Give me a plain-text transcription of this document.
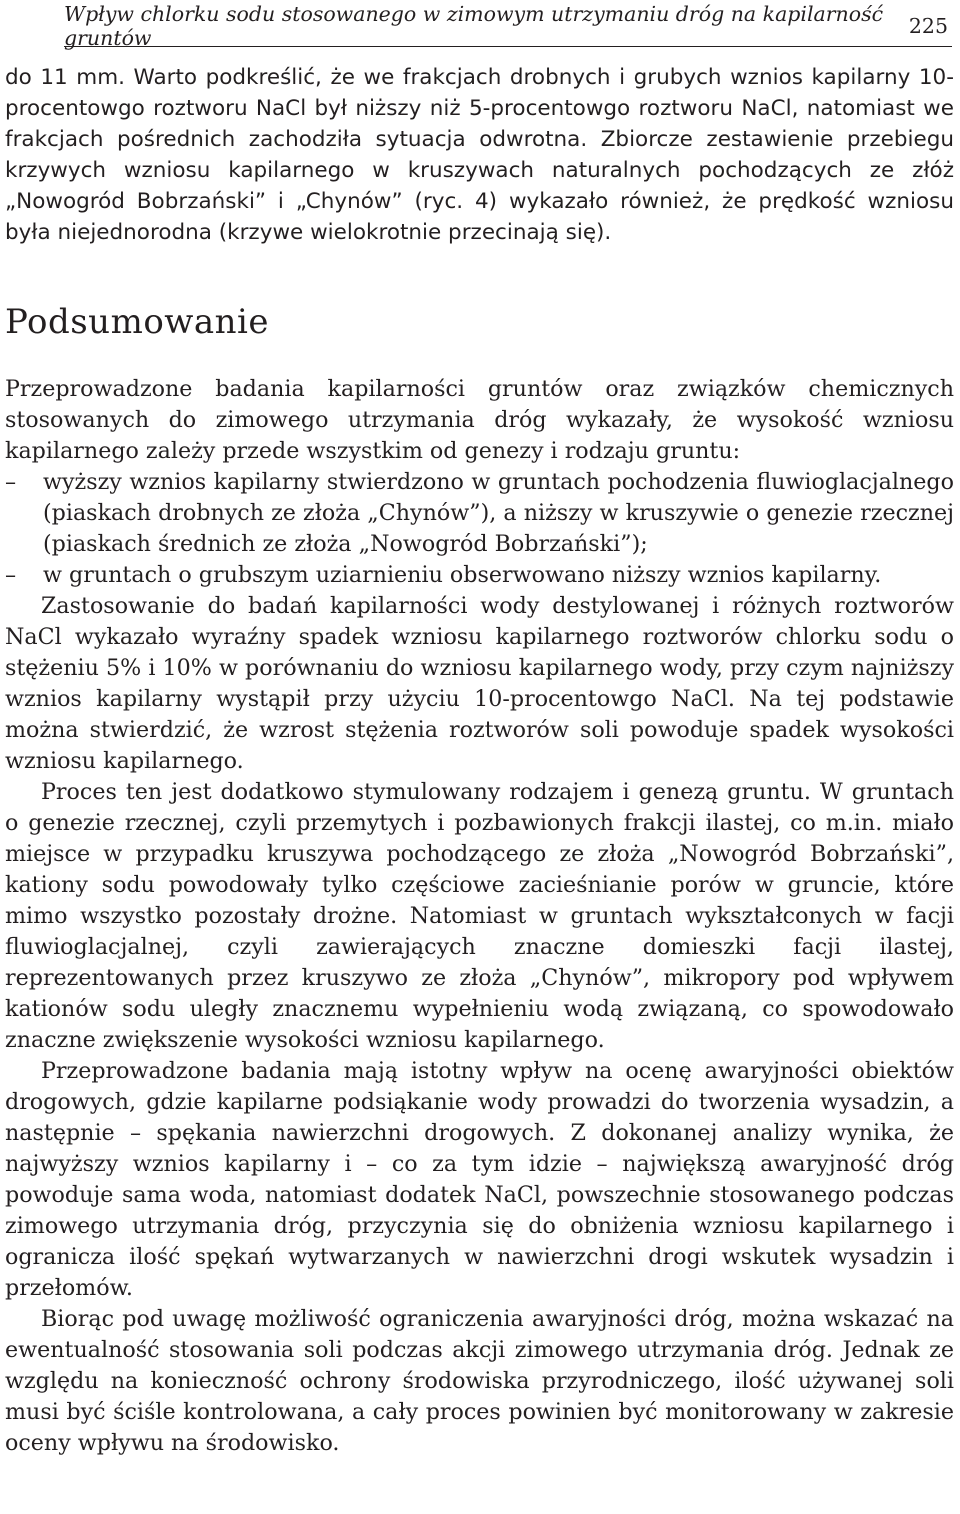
Wpływ chlorku sodu stosowanego w zimowym utrzymaniu dróg na kapilarność gruntów	225

do 11 mm. Warto podkreślić, że we frakcjach drobnych i grubych wznios kapilarny 10-procentowgo roztworu NaCl był niższy niż 5-procentowgo roztworu NaCl, natomiast we frakcjach pośrednich zachodziła sytuacja odwrotna. Zbiorcze zestawienie przebiegu krzywych wzniosu kapilarnego w kruszywach naturalnych pochodzących ze złóż „Nowogród Bobrzański” i „Chynów” (ryc. 4) wykazało również, że prędkość wzniosu była niejednorodna (krzywe wielokrotnie przecinają się).

Podsumowanie

Przeprowadzone badania kapilarności gruntów oraz związków chemicznych stosowanych do zimowego utrzymania dróg wykazały, że wysokość wzniosu kapilarnego zależy przede wszystkim od genezy i rodzaju gruntu:

– wyższy wznios kapilarny stwierdzono w gruntach pochodzenia fluwioglacjalnego (piaskach drobnych ze złoża „Chynów”), a niższy w kruszywie o genezie rzecznej (piaskach średnich ze złoża „Nowogród Bobrzański”);
– w gruntach o grubszym uziarnieniu obserwowano niższy wznios kapilarny.

Zastosowanie do badań kapilarności wody destylowanej i różnych roztworów NaCl wykazało wyraźny spadek wzniosu kapilarnego roztworów chlorku sodu o stężeniu 5% i 10% w porównaniu do wzniosu kapilarnego wody, przy czym najniższy wznios kapilarny wystąpił przy użyciu 10-procentowgo NaCl. Na tej podstawie można stwierdzić, że wzrost stężenia roztworów soli powoduje spadek wysokości wzniosu kapilarnego.

Proces ten jest dodatkowo stymulowany rodzajem i genezą gruntu. W gruntach o genezie rzecznej, czyli przemytych i pozbawionych frakcji ilastej, co m.in. miało miejsce w przypadku kruszywa pochodzącego ze złoża „Nowogród Bobrzański”, kationy sodu powodowały tylko częściowe zacieśnianie porów w gruncie, które mimo wszystko pozostały drożne. Natomiast w gruntach wykształconych w facji fluwioglacjalnej, czyli zawierających znaczne domieszki facji ilastej, reprezentowanych przez kruszywo ze złoża „Chynów”, mikropory pod wpływem kationów sodu uległy znacznemu wypełnieniu wodą związaną, co spowodowało znaczne zwiększenie wysokości wzniosu kapilarnego.

Przeprowadzone badania mają istotny wpływ na ocenę awaryjności obiektów drogowych, gdzie kapilarne podsiąkanie wody prowadzi do tworzenia wysadzin, a następnie – spękania nawierzchni drogowych. Z dokonanej analizy wynika, że najwyższy wznios kapilarny i – co za tym idzie – największą awaryjność dróg powoduje sama woda, natomiast dodatek NaCl, powszechnie stosowanego podczas zimowego utrzymania dróg, przyczynia się do obniżenia wzniosu kapilarnego i ogranicza ilość spękań wytwarzanych w nawierzchni drogi wskutek wysadzin i przełomów.

Biorąc pod uwagę możliwość ograniczenia awaryjności dróg, można wskazać na ewentualność stosowania soli podczas akcji zimowego utrzymania dróg. Jednak ze względu na konieczność ochrony środowiska przyrodniczego, ilość używanej soli musi być ściśle kontrolowana, a cały proces powinien być monitorowany w zakresie oceny wpływu na środowisko.
